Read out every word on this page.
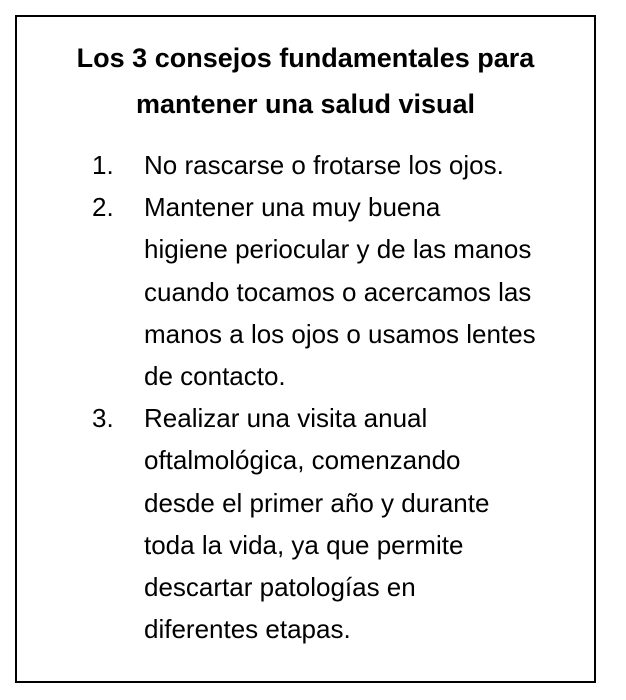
Los 3 consejos fundamentales para
mantener una salud visual
1. No rascarse o frotarse los ojos.
2. Mantener una muy buena
higiene periocular y de las manos
cuando tocamos o acercamos las
manos a los ojos o usamos lentes
de contacto.
3. Realizar una visita anual
oftalmológica, comenzando
desde el primer año y durante
toda la vida, ya que permite
descartar patologías en
diferentes etapas.
